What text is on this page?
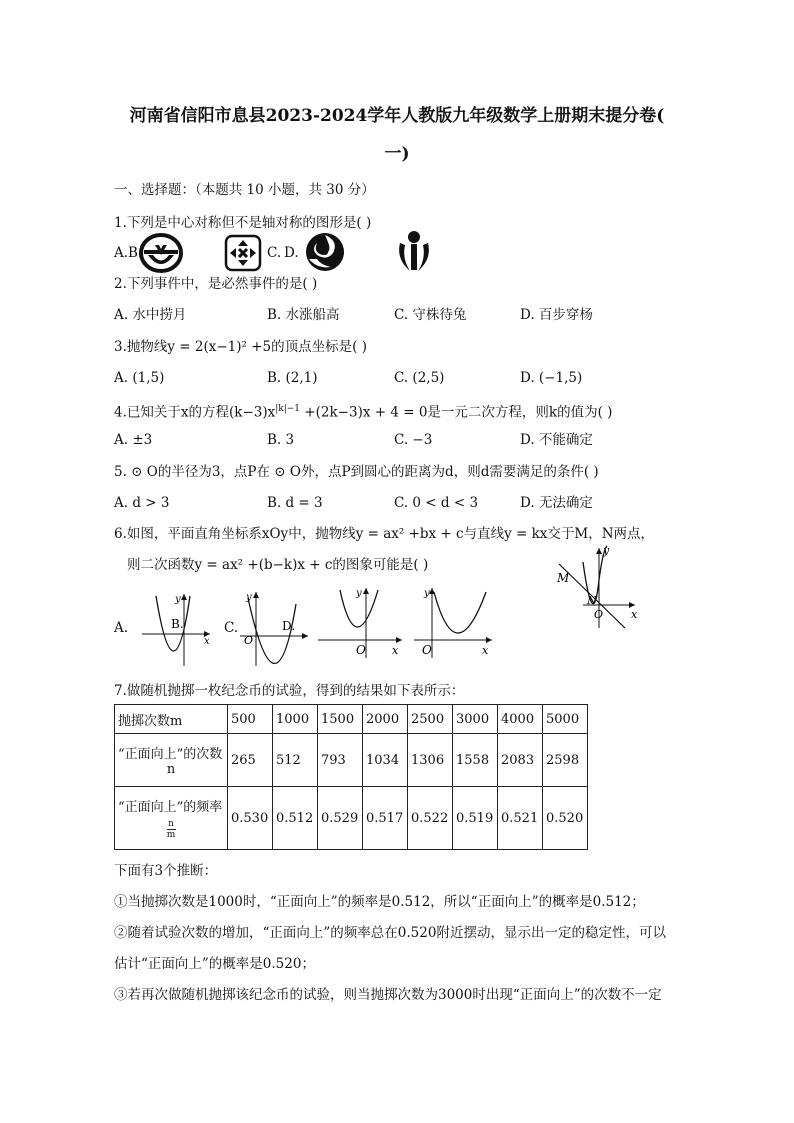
河南省信阳市息县2023-2024学年人教版九年级数学上册期末提分卷(
一)
一、选择题：（本题共 10 小题，共 30 分）
1.下列是中心对称但不是轴对称的图形是( )
A. B.	C. D.
2.下列事件中，是必然事件的是( )
A. 水中捞月	B. 水涨船高	C. 守株待兔	D. 百步穿杨
3.抛物线y = 2(x−1)² +5的顶点坐标是( )
A. (1,5)	B. (2,1)	C. (2,5)	D. (−1,5)
4.已知关于x的方程$(k-3)x^{|k|-1} +(2k-3)x + 4 = 0$是一元二次方程，则k的值为( )
A. ±3	B. 3	C. −3	D. 不能确定
5. ⊙ O的半径为3，点P在 ⊙ O外，点P到圆心的距离为d，则d需要满足的条件( )
A. d > 3	B. d = 3	C. 0 < d < 3	D. 无法确定
6.如图，平面直角坐标系xOy中，抛物线y = ax² +bx + c与直线y = kx交于M，N两点，
则二次函数y = ax² +(b−k)x + c的图象可能是( )
M
N
O
y
x
A.	B.
y
x
C.
O
y
D.
O
y
x O
y
x
7.做随机抛掷一枚纪念币的试验，得到的结果如下表所示：
抛掷次数m	500	1000	1500	2000	2500	3000	4000	5000
“正面向上”的次数
n	265	512	793	1034	1306	1558	2083	2598
“正面向上”的频率
$\frac{n}{m}$	0.530	0.512	0.529	0.517	0.522	0.519	0.521	0.520
下面有3个推断：
①当抛掷次数是1000时，“正面向上”的频率是0.512，所以“正面向上”的概率是0.512；
②随着试验次数的增加，“正面向上”的频率总在0.520附近摆动，显示出一定的稳定性，可以
估计“正面向上”的概率是0.520；
③若再次做随机抛掷该纪念币的试验，则当抛掷次数为3000时出现“正面向上”的次数不一定
